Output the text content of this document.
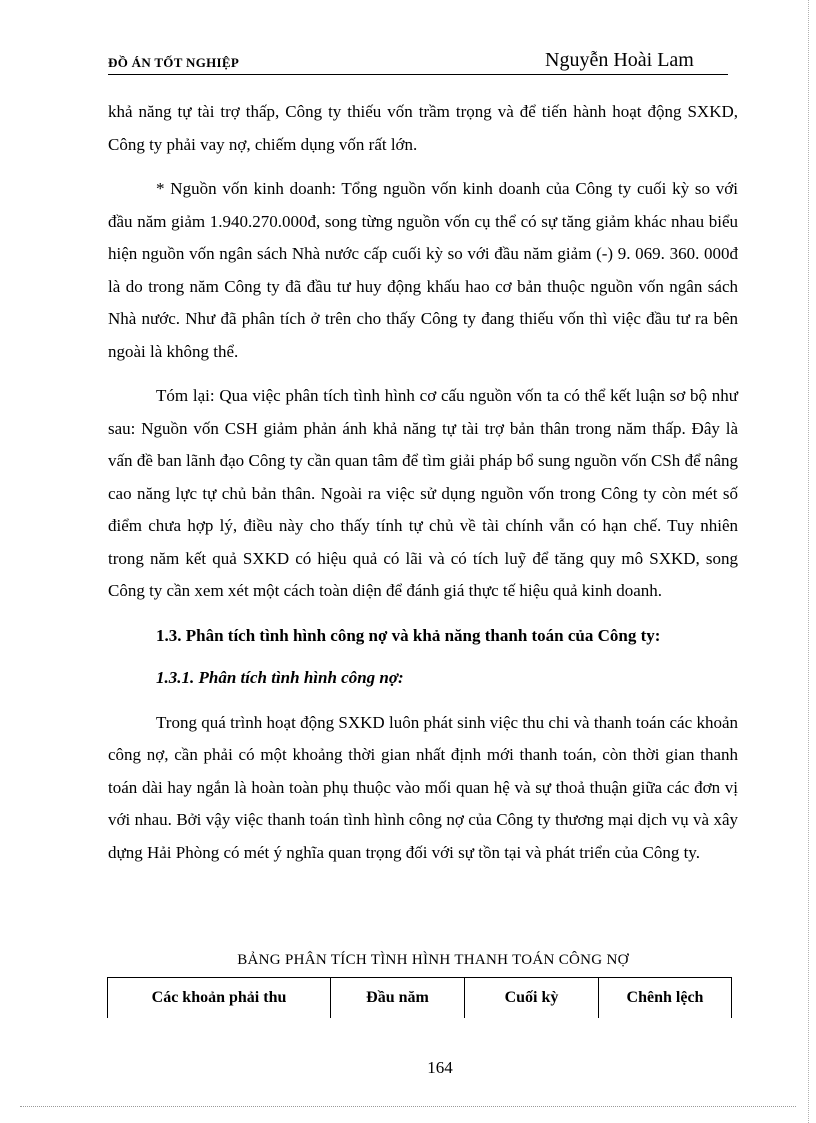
ĐỒ ÁN TỐT NGHIỆP	Nguyễn Hoài Lam

khả năng tự tài trợ thấp, Công ty thiếu vốn trầm trọng và để tiến hành hoạt động SXKD, Công ty phải vay nợ, chiếm dụng vốn rất lớn.

* Nguồn vốn kinh doanh: Tổng nguồn vốn kinh doanh của Công ty cuối kỳ so với đầu năm giảm 1.940.270.000đ, song từng nguồn vốn cụ thể có sự tăng giảm khác nhau biểu hiện nguồn vốn ngân sách Nhà nước cấp cuối kỳ so với đầu năm giảm (-) 9. 069. 360. 000đ là do trong năm Công ty đã đầu tư huy động khấu hao cơ bản thuộc nguồn vốn ngân sách Nhà nước. Như đã phân tích ở trên cho thấy Công ty đang thiếu vốn thì việc đầu tư ra bên ngoài là không thể.

Tóm lại: Qua việc phân tích tình hình cơ cấu nguồn vốn ta có thể kết luận sơ bộ như sau: Nguồn vốn CSH giảm phản ánh khả năng tự tài trợ bản thân trong năm thấp. Đây là vấn đề ban lãnh đạo Công ty cần quan tâm để tìm giải pháp bổ sung nguồn vốn CSh để nâng cao năng lực tự chủ bản thân. Ngoài ra việc sử dụng nguồn vốn trong Công ty còn mét số điểm chưa hợp lý, điều này cho thấy tính tự chủ về tài chính vẫn có hạn chế. Tuy nhiên trong năm kết quả SXKD có hiệu quả có lãi và có tích luỹ để tăng quy mô SXKD, song Công ty cần xem xét một cách toàn diện để đánh giá thực tế hiệu quả kinh doanh.

1.3. Phân tích tình hình công nợ và khả năng thanh toán của Công ty:

1.3.1. Phân tích tình hình công nợ:

Trong quá trình hoạt động SXKD luôn phát sinh việc thu chi và thanh toán các khoản công nợ, cần phải có một khoảng thời gian nhất định mới thanh toán, còn thời gian thanh toán dài hay ngắn là hoàn toàn phụ thuộc vào mối quan hệ và sự thoả thuận giữa các đơn vị với nhau. Bởi vậy việc thanh toán tình hình công nợ của Công ty thương mại dịch vụ và xây dựng Hải Phòng có mét ý nghĩa quan trọng đối với sự tồn tại và phát triển của Công ty.

BẢNG PHÂN TÍCH TÌNH HÌNH THANH TOÁN CÔNG NỢ
Các khoản phải thu	Đầu năm	Cuối kỳ	Chênh lệch
164
